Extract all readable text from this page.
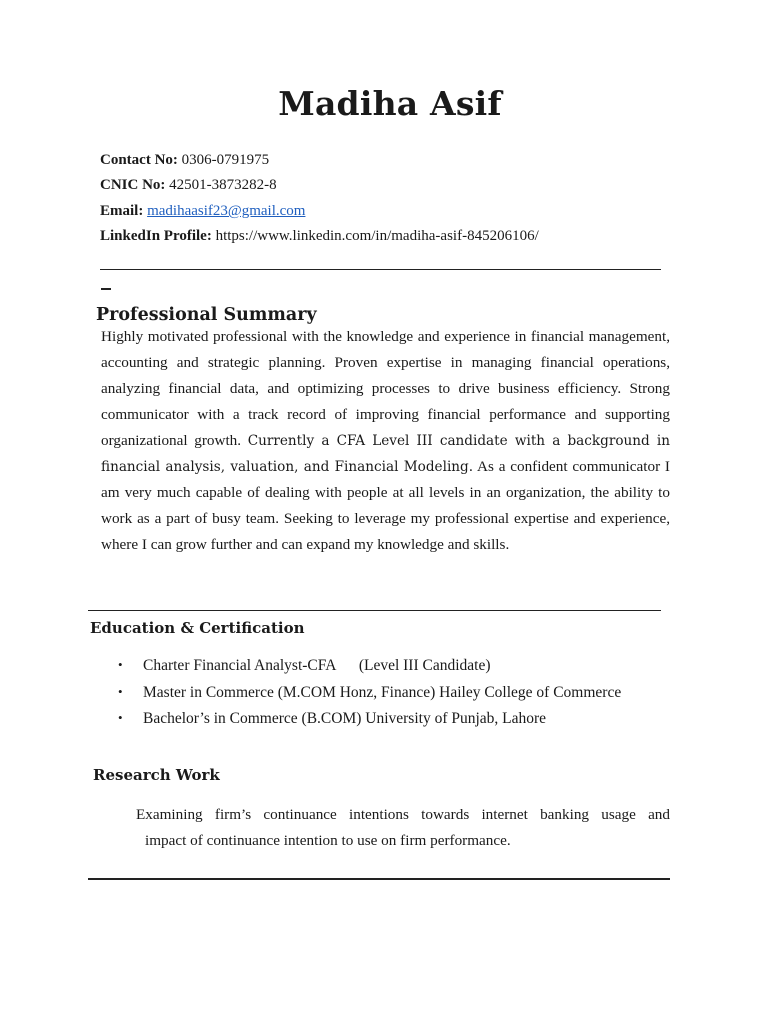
Madiha Asif
Contact No: 0306-0791975
CNIC No: 42501-3873282-8
Email: madihaasif23@gmail.com
LinkedIn Profile: https://www.linkedin.com/in/madiha-asif-845206106/
Professional Summary
Highly motivated professional with the knowledge and experience in financial management, accounting and strategic planning. Proven expertise in managing financial operations, analyzing financial data, and optimizing processes to drive business efficiency. Strong communicator with a track record of improving financial performance and supporting organizational growth. Currently a CFA Level III candidate with a background in financial analysis, valuation, and Financial Modeling. As a confident communicator I am very much capable of dealing with people at all levels in an organization, the ability to work as a part of busy team. Seeking to leverage my professional expertise and experience, where I can grow further and can expand my knowledge and skills.
Education & Certification
• Charter Financial Analyst-CFA      (Level III Candidate)
• Master in Commerce (M.COM Honz, Finance) Hailey College of Commerce
• Bachelor’s in Commerce (B.COM) University of Punjab, Lahore
Research Work
Examining firm’s continuance intentions towards internet banking usage and
impact of continuance intention to use on firm performance.
